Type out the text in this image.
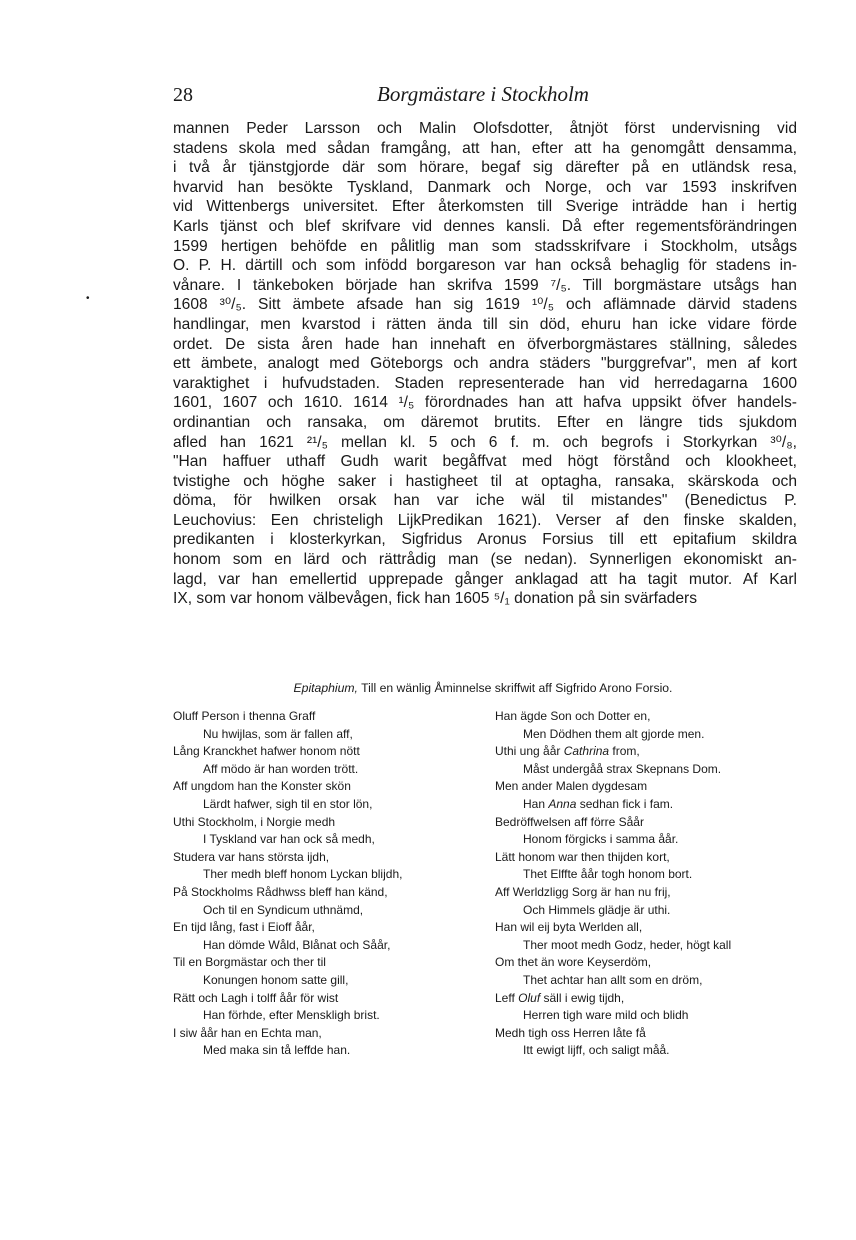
28	Borgmästare i Stockholm
•
mannen Peder Larsson och Malin Olofsdotter, åtnjöt först undervisning vid
stadens skola med sådan framgång, att han, efter att ha genomgått densamma,
i två år tjänstgjorde där som hörare, begaf sig därefter på en utländsk resa,
hvarvid han besökte Tyskland, Danmark och Norge, och var 1593 inskrifven
vid Wittenbergs universitet. Efter återkomsten till Sverige inträdde han i hertig
Karls tjänst och blef skrifvare vid dennes kansli. Då efter regementsförändringen
1599 hertigen behöfde en pålitlig man som stadsskrifvare i Stockholm, utsågs
O. P. H. därtill och som infödd borgareson var han också behaglig för stadens in-
vånare. I tänkeboken började han skrifva 1599 ⁷/₅. Till borgmästare utsågs han
1608 ³⁰/₅. Sitt ämbete afsade han sig 1619 ¹⁰/₅ och aflämnade därvid stadens
handlingar, men kvarstod i rätten ända till sin död, ehuru han icke vidare förde
ordet. De sista åren hade han innehaft en öfverborgmästares ställning, således
ett ämbete, analogt med Göteborgs och andra städers "burggrefvar", men af kort
varaktighet i hufvudstaden. Staden representerade han vid herredagarna 1600
1601, 1607 och 1610. 1614 ¹/₅ förordnades han att hafva uppsikt öfver handels-
ordinantian och ransaka, om däremot brutits. Efter en längre tids sjukdom
afled han 1621 ²¹/₅ mellan kl. 5 och 6 f. m. och begrofs i Storkyrkan ³⁰/₈,
"Han haffuer uthaff Gudh warit begåffvat med högt förstånd och klookheet,
tvistighe och höghe saker i hastigheet til at optagha, ransaka, skärskoda och
döma, för hwilken orsak han var iche wäl til mistandes" (Benedictus P.
Leuchovius: Een christeligh LijkPredikan 1621). Verser af den finske skalden,
predikanten i klosterkyrkan, Sigfridus Aronus Forsius till ett epitafium skildra
honom som en lärd och rättrådig man (se nedan). Synnerligen ekonomiskt an-
lagd, var han emellertid upprepade gånger anklagad att ha tagit mutor. Af Karl
IX, som var honom välbevågen, fick han 1605 ⁵/₁ donation på sin svärfaders
Epitaphium, Till en wänlig Åminnelse skriffwit aff Sigfrido Arono Forsio.
Oluff Person i thenna Graff
Nu hwijlas, som är fallen aff,
Lång Kranckhet hafwer honom nött
Aff mödo är han worden trött.
Aff ungdom han the Konster skön
Lärdt hafwer, sigh til en stor lön,
Uthi Stockholm, i Norgie medh
I Tyskland var han ock så medh,
Studera var hans största ijdh,
Ther medh bleff honom Lyckan blijdh,
På Stockholms Rådhwss bleff han känd,
Och til en Syndicum uthnämd,
En tijd lång, fast i Eioff åår,
Han dömde Wåld, Blånat och Såår,
Til en Borgmästar och ther til
Konungen honom satte gill,
Rätt och Lagh i tolff åår för wist
Han förhde, efter Menskligh brist.
I siw åår han en Echta man,
Med maka sin tå leffde han.
Han ägde Son och Dotter en,
Men Dödhen them alt gjorde men.
Uthi ung åår Cathrina from,
Måst undergåå strax Skepnans Dom.
Men ander Malen dygdesam
Han Anna sedhan fick i fam.
Bedröffwelsen aff förre Såår
Honom förgicks i samma åår.
Lätt honom war then thijden kort,
Thet Elffte åår togh honom bort.
Aff Werldzligg Sorg är han nu frij,
Och Himmels glädje är uthi.
Han wil eij byta Werlden all,
Ther moot medh Godz, heder, högt kall
Om thet än wore Keyserdöm,
Thet achtar han allt som en dröm,
Leff Oluf säll i ewig tijdh,
Herren tigh ware mild och blidh
Medh tigh oss Herren låte få
Itt ewigt lijff, och saligt måå.
